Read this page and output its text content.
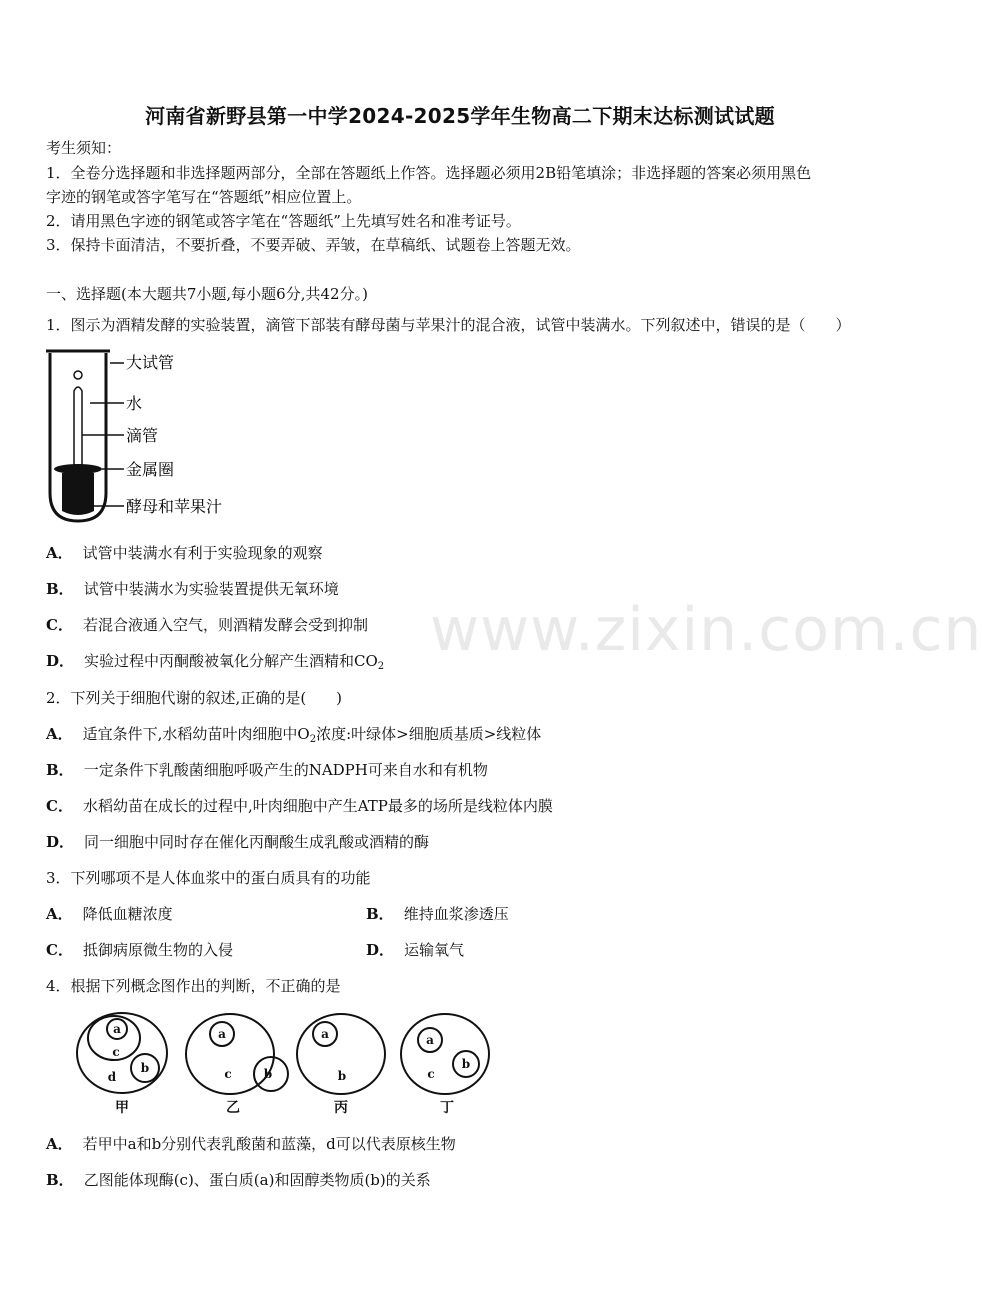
www.zixin.com.cn
河南省新野县第一中学2024-2025学年生物高二下期末达标测试试题
考生须知：
1．全卷分选择题和非选择题两部分，全部在答题纸上作答。选择题必须用2B铅笔填涂；非选择题的答案必须用黑色
字迹的钢笔或答字笔写在“答题纸”相应位置上。
2．请用黑色字迹的钢笔或答字笔在“答题纸”上先填写姓名和准考证号。
3．保持卡面清洁，不要折叠，不要弄破、弄皱，在草稿纸、试题卷上答题无效。
一、选择题(本大题共7小题,每小题6分,共42分。)
1．图示为酒精发酵的实验装置，滴管下部装有酵母菌与苹果汁的混合液，试管中装满水。下列叙述中，错误的是（　　）
大试管
水
滴管
金属圈
酵母和苹果汁
A． 试管中装满水有利于实验现象的观察
B． 试管中装满水为实验装置提供无氧环境
C． 若混合液通入空气，则酒精发酵会受到抑制
D． 实验过程中丙酮酸被氧化分解产生酒精和$CO_2$
2．下列关于细胞代谢的叙述,正确的是(　　)
A． 适宜条件下,水稻幼苗叶肉细胞中$O_2$浓度:叶绿体>细胞质基质>线粒体
B． 一定条件下乳酸菌细胞呼吸产生的NADPH可来自水和有机物
C． 水稻幼苗在成长的过程中,叶肉细胞中产生ATP最多的场所是线粒体内膜
D． 同一细胞中同时存在催化丙酮酸生成乳酸或酒精的酶
3．下列哪项不是人体血浆中的蛋白质具有的功能
A． 降低血糖浓度	B． 维持血浆渗透压
C． 抵御病原微生物的入侵	D． 运输氧气
4．根据下列概念图作出的判断，不正确的是
a
c
d
b
a
c	b
a
b
a
c
b
甲	乙	丙	丁
A． 若甲中a和b分别代表乳酸菌和蓝藻，d可以代表原核生物
B． 乙图能体现酶(c)、蛋白质(a)和固醇类物质(b)的关系
